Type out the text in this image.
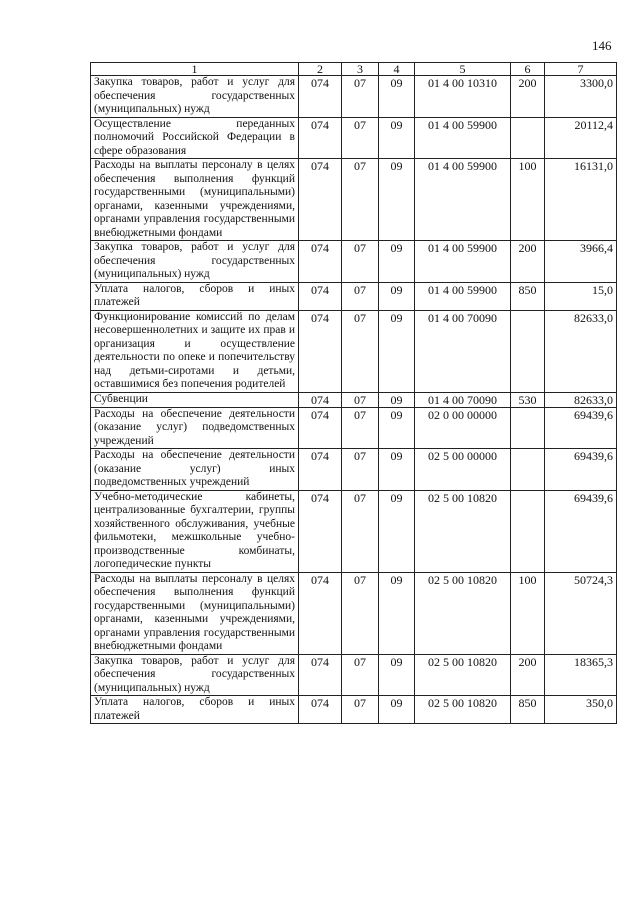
146
1	2	3	4	5	6	7
Закупка товаров, работ и услуг для обеспечения государственных (муниципальных) нужд	074	07	09	01 4 00 10310	200	3300,0
Осуществление переданных полномочий Российской Федерации в сфере образования	074	07	09	01 4 00 59900		20112,4
Расходы на выплаты персоналу в целях обеспечения выполнения функций государственными (муниципальными) органами, казенными учреждениями, органами управления государственными внебюджетными фондами	074	07	09	01 4 00 59900	100	16131,0
Закупка товаров, работ и услуг для обеспечения государственных (муниципальных) нужд	074	07	09	01 4 00 59900	200	3966,4
Уплата налогов, сборов и иных платежей	074	07	09	01 4 00 59900	850	15,0
Функционирование комиссий по делам несовершеннолетних и защите их прав и организация и осуществление деятельности по опеке и попечительству над детьми-сиротами и детьми, оставшимися без попечения родителей	074	07	09	01 4 00 70090		82633,0
Субвенции	074	07	09	01 4 00 70090	530	82633,0
Расходы на обеспечение деятельности (оказание услуг) подведомственных учреждений	074	07	09	02 0 00 00000		69439,6
Расходы на обеспечение деятельности (оказание услуг) иных подведомственных учреждений	074	07	09	02 5 00 00000		69439,6
Учебно-методические кабинеты, централизованные бухгалтерии, группы хозяйственного обслуживания, учебные фильмотеки, межшкольные учебно-производственные комбинаты, логопедические пункты	074	07	09	02 5 00 10820		69439,6
Расходы на выплаты персоналу в целях обеспечения выполнения функций государственными (муниципальными) органами, казенными учреждениями, органами управления государственными внебюджетными фондами	074	07	09	02 5 00 10820	100	50724,3
Закупка товаров, работ и услуг для обеспечения государственных (муниципальных) нужд	074	07	09	02 5 00 10820	200	18365,3
Уплата налогов, сборов и иных платежей	074	07	09	02 5 00 10820	850	350,0
